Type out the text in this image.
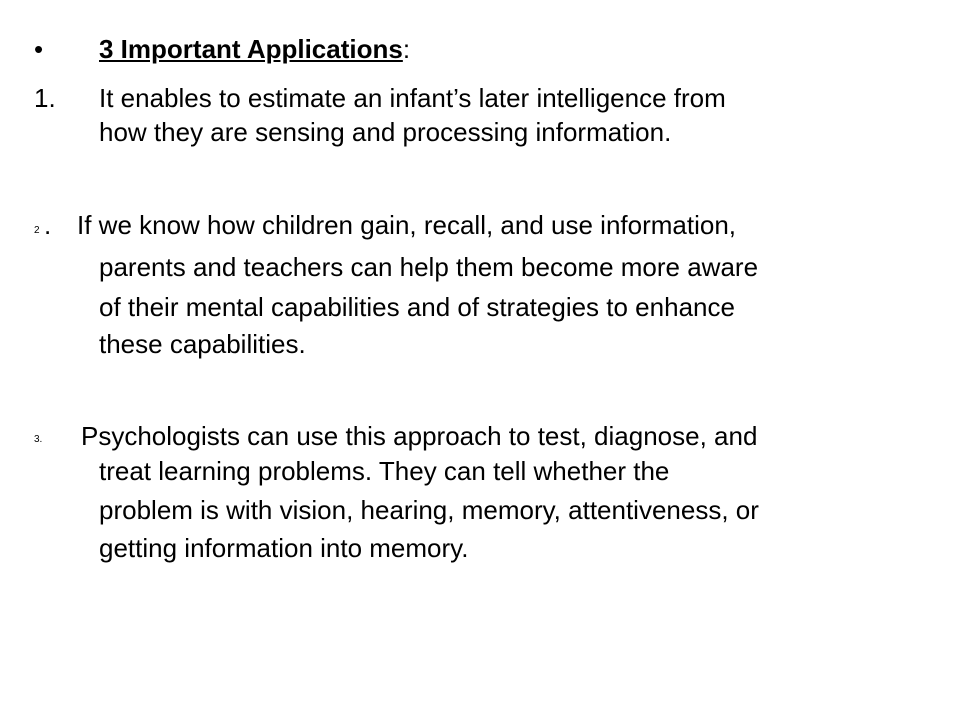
• 3 Important Applications:
1. It enables to estimate an infant’s later intelligence from
how they are sensing and processing information.
2 . If we know how children gain, recall, and use information,
parents and teachers can help them become more aware
of their mental capabilities and of strategies to enhance
these capabilities.
3. Psychologists can use this approach to test, diagnose, and
treat learning problems. They can tell whether the
problem is with vision, hearing, memory, attentiveness, or
getting information into memory.
